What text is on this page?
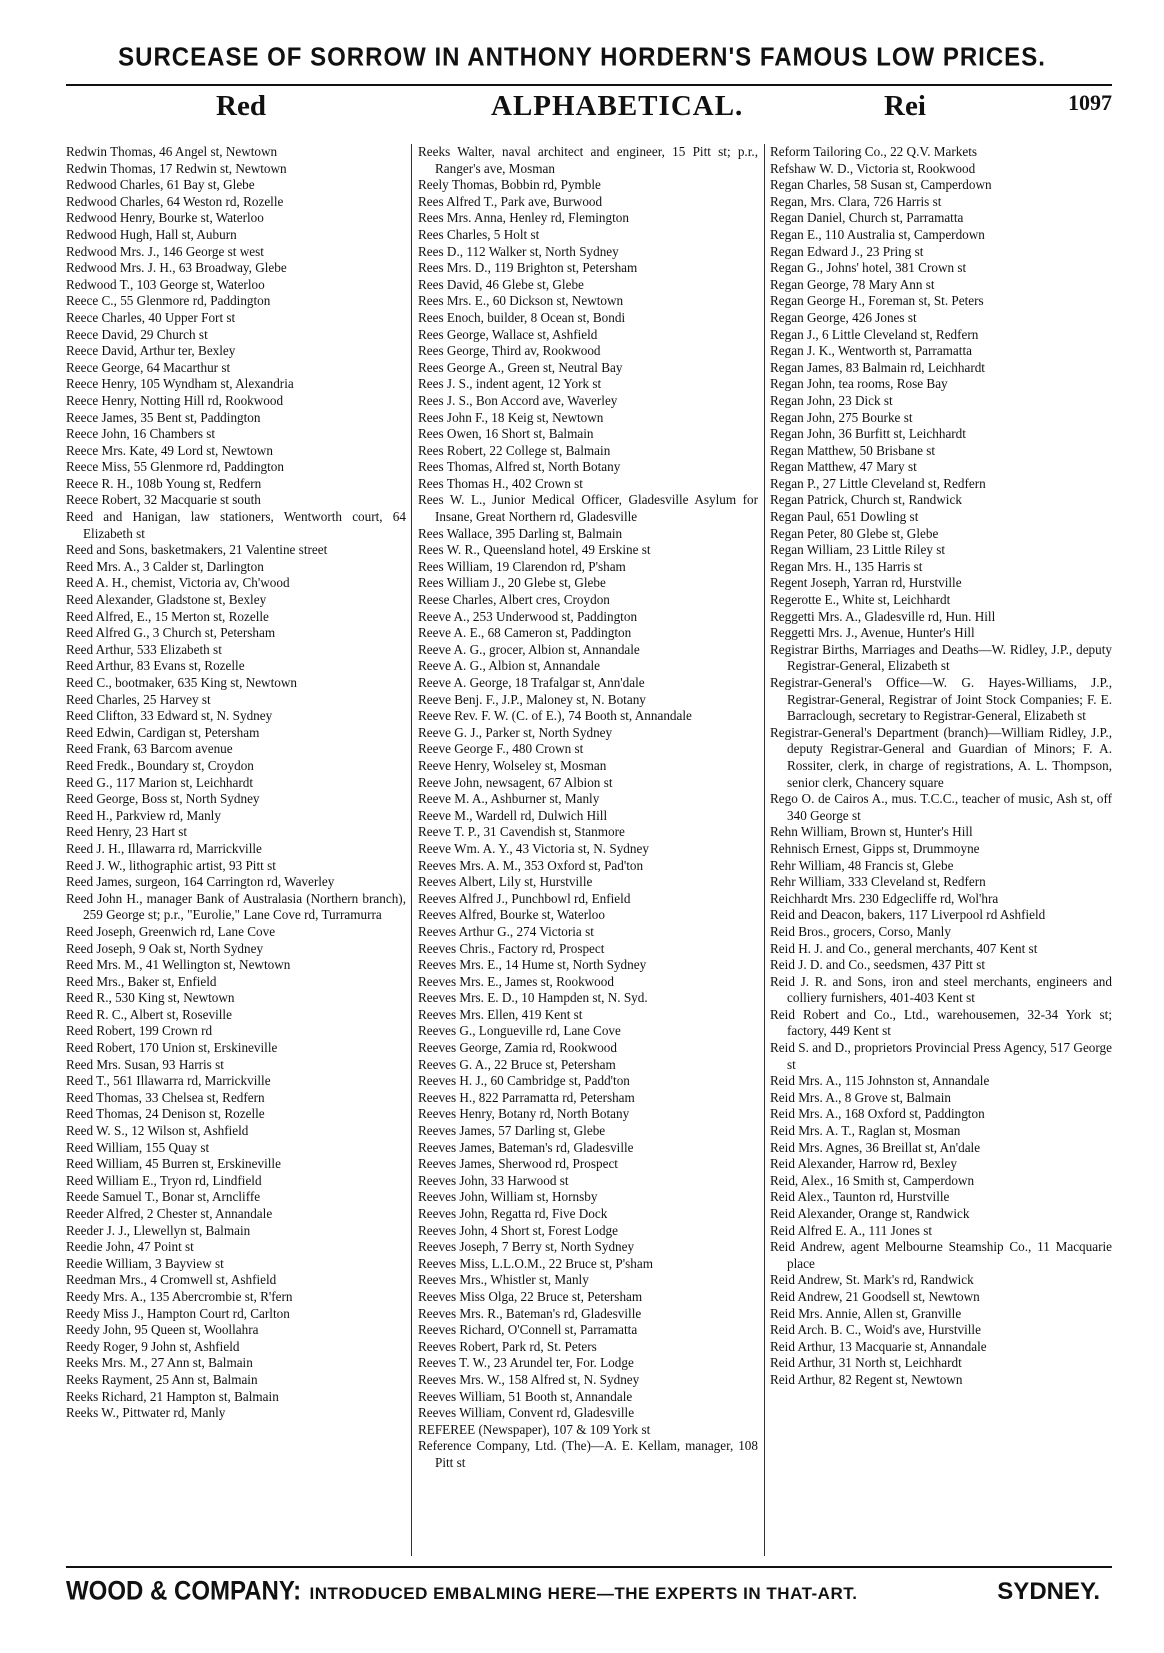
SURCEASE OF SORROW IN ANTHONY HORDERN'S FAMOUS LOW PRICES.
Red	ALPHABETICAL.	Rei	1097
Redwin Thomas, 46 Angel st, Newtown
Redwin Thomas, 17 Redwin st, Newtown
Redwood Charles, 61 Bay st, Glebe
Redwood Charles, 64 Weston rd, Rozelle
Redwood Henry, Bourke st, Waterloo
Redwood Hugh, Hall st, Auburn
Redwood Mrs. J., 146 George st west
Redwood Mrs. J. H., 63 Broadway, Glebe
Redwood T., 103 George st, Waterloo
Reece C., 55 Glenmore rd, Paddington
Reece Charles, 40 Upper Fort st
Reece David, 29 Church st
Reece David, Arthur ter, Bexley
Reece George, 64 Macarthur st
Reece Henry, 105 Wyndham st, Alexandria
Reece Henry, Notting Hill rd, Rookwood
Reece James, 35 Bent st, Paddington
Reece John, 16 Chambers st
Reece Mrs. Kate, 49 Lord st, Newtown
Reece Miss, 55 Glenmore rd, Paddington
Reece R. H., 108b Young st, Redfern
Reece Robert, 32 Macquarie st south
Reed and Hanigan, law stationers, Wentworth court, 64 Elizabeth st
Reed and Sons, basketmakers, 21 Valentine street
Reed Mrs. A., 3 Calder st, Darlington
Reed A. H., chemist, Victoria av, Ch'wood
Reed Alexander, Gladstone st, Bexley
Reed Alfred, E., 15 Merton st, Rozelle
Reed Alfred G., 3 Church st, Petersham
Reed Arthur, 533 Elizabeth st
Reed Arthur, 83 Evans st, Rozelle
Reed C., bootmaker, 635 King st, Newtown
Reed Charles, 25 Harvey st
Reed Clifton, 33 Edward st, N. Sydney
Reed Edwin, Cardigan st, Petersham
Reed Frank, 63 Barcom avenue
Reed Fredk., Boundary st, Croydon
Reed G., 117 Marion st, Leichhardt
Reed George, Boss st, North Sydney
Reed H., Parkview rd, Manly
Reed Henry, 23 Hart st
Reed J. H., Illawarra rd, Marrickville
Reed J. W., lithographic artist, 93 Pitt st
Reed James, surgeon, 164 Carrington rd, Waverley
Reed John H., manager Bank of Australasia (Northern branch), 259 George st; p.r., "Eurolie," Lane Cove rd, Turramurra
Reed Joseph, Greenwich rd, Lane Cove
Reed Joseph, 9 Oak st, North Sydney
Reed Mrs. M., 41 Wellington st, Newtown
Reed Mrs., Baker st, Enfield
Reed R., 530 King st, Newtown
Reed R. C., Albert st, Roseville
Reed Robert, 199 Crown rd
Reed Robert, 170 Union st, Erskineville
Reed Mrs. Susan, 93 Harris st
Reed T., 561 Illawarra rd, Marrickville
Reed Thomas, 33 Chelsea st, Redfern
Reed Thomas, 24 Denison st, Rozelle
Reed W. S., 12 Wilson st, Ashfield
Reed William, 155 Quay st
Reed William, 45 Burren st, Erskineville
Reed William E., Tryon rd, Lindfield
Reede Samuel T., Bonar st, Arncliffe
Reeder Alfred, 2 Chester st, Annandale
Reeder J. J., Llewellyn st, Balmain
Reedie John, 47 Point st
Reedie William, 3 Bayview st
Reedman Mrs., 4 Cromwell st, Ashfield
Reedy Mrs. A., 135 Abercrombie st, R'fern
Reedy Miss J., Hampton Court rd, Carlton
Reedy John, 95 Queen st, Woollahra
Reedy Roger, 9 John st, Ashfield
Reeks Mrs. M., 27 Ann st, Balmain
Reeks Rayment, 25 Ann st, Balmain
Reeks Richard, 21 Hampton st, Balmain
Reeks W., Pittwater rd, Manly
Reeks Walter, naval architect and engineer, 15 Pitt st; p.r., Ranger's ave, Mosman
Reely Thomas, Bobbin rd, Pymble
Rees Alfred T., Park ave, Burwood
Rees Mrs. Anna, Henley rd, Flemington
Rees Charles, 5 Holt st
Rees D., 112 Walker st, North Sydney
Rees Mrs. D., 119 Brighton st, Petersham
Rees David, 46 Glebe st, Glebe
Rees Mrs. E., 60 Dickson st, Newtown
Rees Enoch, builder, 8 Ocean st, Bondi
Rees George, Wallace st, Ashfield
Rees George, Third av, Rookwood
Rees George A., Green st, Neutral Bay
Rees J. S., indent agent, 12 York st
Rees J. S., Bon Accord ave, Waverley
Rees John F., 18 Keig st, Newtown
Rees Owen, 16 Short st, Balmain
Rees Robert, 22 College st, Balmain
Rees Thomas, Alfred st, North Botany
Rees Thomas H., 402 Crown st
Rees W. L., Junior Medical Officer, Gladesville Asylum for Insane, Great Northern rd, Gladesville
Rees Wallace, 395 Darling st, Balmain
Rees W. R., Queensland hotel, 49 Erskine st
Rees William, 19 Clarendon rd, P'sham
Rees William J., 20 Glebe st, Glebe
Reese Charles, Albert cres, Croydon
Reeve A., 253 Underwood st, Paddington
Reeve A. E., 68 Cameron st, Paddington
Reeve A. G., grocer, Albion st, Annandale
Reeve A. G., Albion st, Annandale
Reeve A. George, 18 Trafalgar st, Ann'dale
Reeve Benj. F., J.P., Maloney st, N. Botany
Reeve Rev. F. W. (C. of E.), 74 Booth st, Annandale
Reeve G. J., Parker st, North Sydney
Reeve George F., 480 Crown st
Reeve Henry, Wolseley st, Mosman
Reeve John, newsagent, 67 Albion st
Reeve M. A., Ashburner st, Manly
Reeve M., Wardell rd, Dulwich Hill
Reeve T. P., 31 Cavendish st, Stanmore
Reeve Wm. A. Y., 43 Victoria st, N. Sydney
Reeves Mrs. A. M., 353 Oxford st, Pad'ton
Reeves Albert, Lily st, Hurstville
Reeves Alfred J., Punchbowl rd, Enfield
Reeves Alfred, Bourke st, Waterloo
Reeves Arthur G., 274 Victoria st
Reeves Chris., Factory rd, Prospect
Reeves Mrs. E., 14 Hume st, North Sydney
Reeves Mrs. E., James st, Rookwood
Reeves Mrs. E. D., 10 Hampden st, N. Syd.
Reeves Mrs. Ellen, 419 Kent st
Reeves G., Longueville rd, Lane Cove
Reeves George, Zamia rd, Rookwood
Reeves G. A., 22 Bruce st, Petersham
Reeves H. J., 60 Cambridge st, Padd'ton
Reeves H., 822 Parramatta rd, Petersham
Reeves Henry, Botany rd, North Botany
Reeves James, 57 Darling st, Glebe
Reeves James, Bateman's rd, Gladesville
Reeves James, Sherwood rd, Prospect
Reeves John, 33 Harwood st
Reeves John, William st, Hornsby
Reeves John, Regatta rd, Five Dock
Reeves John, 4 Short st, Forest Lodge
Reeves Joseph, 7 Berry st, North Sydney
Reeves Miss, L.L.O.M., 22 Bruce st, P'sham
Reeves Mrs., Whistler st, Manly
Reeves Miss Olga, 22 Bruce st, Petersham
Reeves Mrs. R., Bateman's rd, Gladesville
Reeves Richard, O'Connell st, Parramatta
Reeves Robert, Park rd, St. Peters
Reeves T. W., 23 Arundel ter, For. Lodge
Reeves Mrs. W., 158 Alfred st, N. Sydney
Reeves William, 51 Booth st, Annandale
Reeves William, Convent rd, Gladesville
REFEREE (Newspaper), 107 & 109 York st
Reference Company, Ltd. (The)—A. E. Kellam, manager, 108 Pitt st
Reform Tailoring Co., 22 Q.V. Markets
Refshaw W. D., Victoria st, Rookwood
Regan Charles, 58 Susan st, Camperdown
Regan, Mrs. Clara, 726 Harris st
Regan Daniel, Church st, Parramatta
Regan E., 110 Australia st, Camperdown
Regan Edward J., 23 Pring st
Regan G., Johns' hotel, 381 Crown st
Regan George, 78 Mary Ann st
Regan George H., Foreman st, St. Peters
Regan George, 426 Jones st
Regan J., 6 Little Cleveland st, Redfern
Regan J. K., Wentworth st, Parramatta
Regan James, 83 Balmain rd, Leichhardt
Regan John, tea rooms, Rose Bay
Regan John, 23 Dick st
Regan John, 275 Bourke st
Regan John, 36 Burfitt st, Leichhardt
Regan Matthew, 50 Brisbane st
Regan Matthew, 47 Mary st
Regan P., 27 Little Cleveland st, Redfern
Regan Patrick, Church st, Randwick
Regan Paul, 651 Dowling st
Regan Peter, 80 Glebe st, Glebe
Regan William, 23 Little Riley st
Regan Mrs. H., 135 Harris st
Regent Joseph, Yarran rd, Hurstville
Regerotte E., White st, Leichhardt
Reggetti Mrs. A., Gladesville rd, Hun. Hill
Reggetti Mrs. J., Avenue, Hunter's Hill
Registrar Births, Marriages and Deaths—W. Ridley, J.P., deputy Registrar-General, Elizabeth st
Registrar-General's Office—W. G. Hayes-Williams, J.P., Registrar-General, Registrar of Joint Stock Companies; F. E. Barraclough, secretary to Registrar-General, Elizabeth st
Registrar-General's Department (branch)—William Ridley, J.P., deputy Registrar-General and Guardian of Minors; F. A. Rossiter, clerk, in charge of registrations, A. L. Thompson, senior clerk, Chancery square
Rego O. de Cairos A., mus. T.C.C., teacher of music, Ash st, off 340 George st
Rehn William, Brown st, Hunter's Hill
Rehnisch Ernest, Gipps st, Drummoyne
Rehr William, 48 Francis st, Glebe
Rehr William, 333 Cleveland st, Redfern
Reichhardt Mrs. 230 Edgecliffe rd, Wol'hra
Reid and Deacon, bakers, 117 Liverpool rd Ashfield
Reid Bros., grocers, Corso, Manly
Reid H. J. and Co., general merchants, 407 Kent st
Reid J. D. and Co., seedsmen, 437 Pitt st
Reid J. R. and Sons, iron and steel merchants, engineers and colliery furnishers, 401-403 Kent st
Reid Robert and Co., Ltd., warehousemen, 32-34 York st; factory, 449 Kent st
Reid S. and D., proprietors Provincial Press Agency, 517 George st
Reid Mrs. A., 115 Johnston st, Annandale
Reid Mrs. A., 8 Grove st, Balmain
Reid Mrs. A., 168 Oxford st, Paddington
Reid Mrs. A. T., Raglan st, Mosman
Reid Mrs. Agnes, 36 Breillat st, An'dale
Reid Alexander, Harrow rd, Bexley
Reid, Alex., 16 Smith st, Camperdown
Reid Alex., Taunton rd, Hurstville
Reid Alexander, Orange st, Randwick
Reid Alfred E. A., 111 Jones st
Reid Andrew, agent Melbourne Steamship Co., 11 Macquarie place
Reid Andrew, St. Mark's rd, Randwick
Reid Andrew, 21 Goodsell st, Newtown
Reid Mrs. Annie, Allen st, Granville
Reid Arch. B. C., Woid's ave, Hurstville
Reid Arthur, 13 Macquarie st, Annandale
Reid Arthur, 31 North st, Leichhardt
Reid Arthur, 82 Regent st, Newtown
WOOD & COMPANY: INTRODUCED EMBALMING HERE—THE EXPERTS IN THAT-ART.	SYDNEY.
